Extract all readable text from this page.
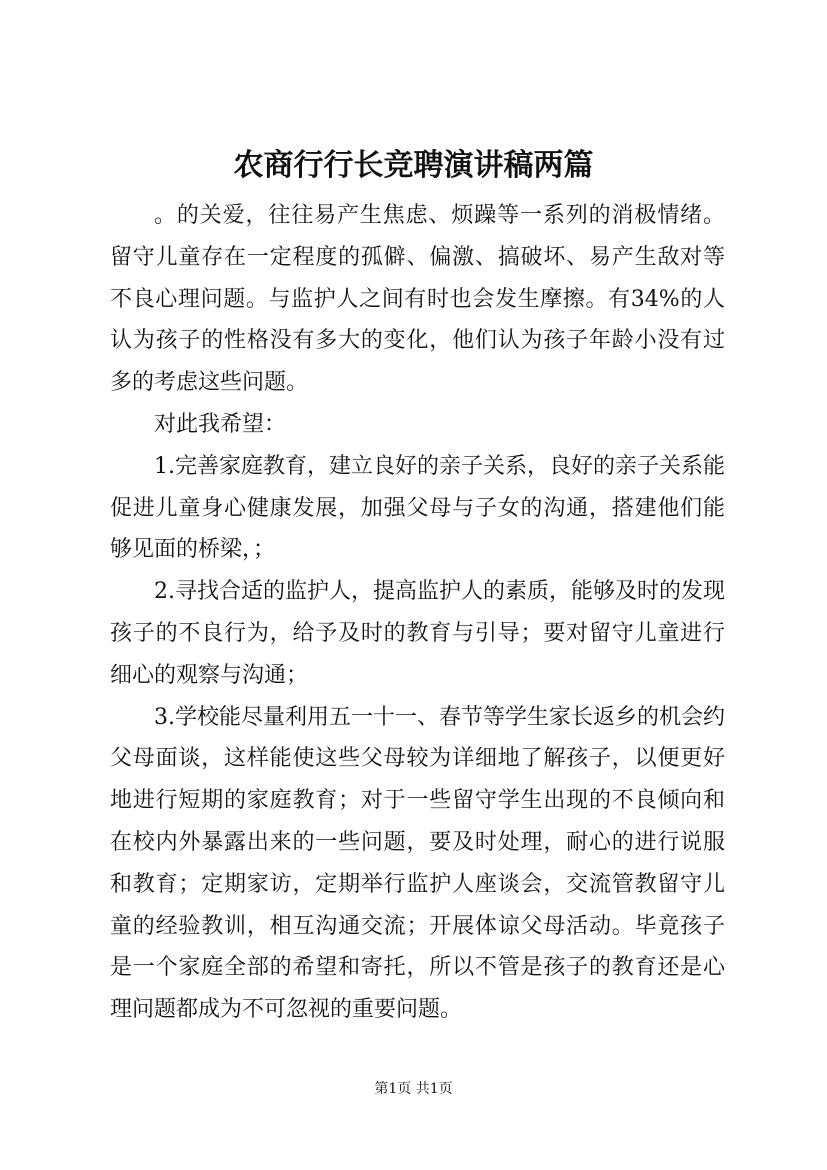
农商行行长竞聘演讲稿两篇

。的关爱，往往易产生焦虑、烦躁等一系列的消极情绪。留守儿童存在一定程度的孤僻、偏激、搞破坏、易产生敌对等不良心理问题。与监护人之间有时也会发生摩擦。有34%的人认为孩子的性格没有多大的变化，他们认为孩子年龄小没有过多的考虑这些问题。

对此我希望：

1.完善家庭教育，建立良好的亲子关系，良好的亲子关系能促进儿童身心健康发展，加强父母与子女的沟通，搭建他们能够见面的桥梁，；

2.寻找合适的监护人，提高监护人的素质，能够及时的发现孩子的不良行为，给予及时的教育与引导；要对留守儿童进行细心的观察与沟通；

3.学校能尽量利用五一十一、春节等学生家长返乡的机会约父母面谈，这样能使这些父母较为详细地了解孩子，以便更好地进行短期的家庭教育；对于一些留守学生出现的不良倾向和在校内外暴露出来的一些问题，要及时处理，耐心的进行说服和教育；定期家访，定期举行监护人座谈会，交流管教留守儿童的经验教训，相互沟通交流；开展体谅父母活动。毕竟孩子是一个家庭全部的希望和寄托，所以不管是孩子的教育还是心理问题都成为不可忽视的重要问题。

第1页 共1页
